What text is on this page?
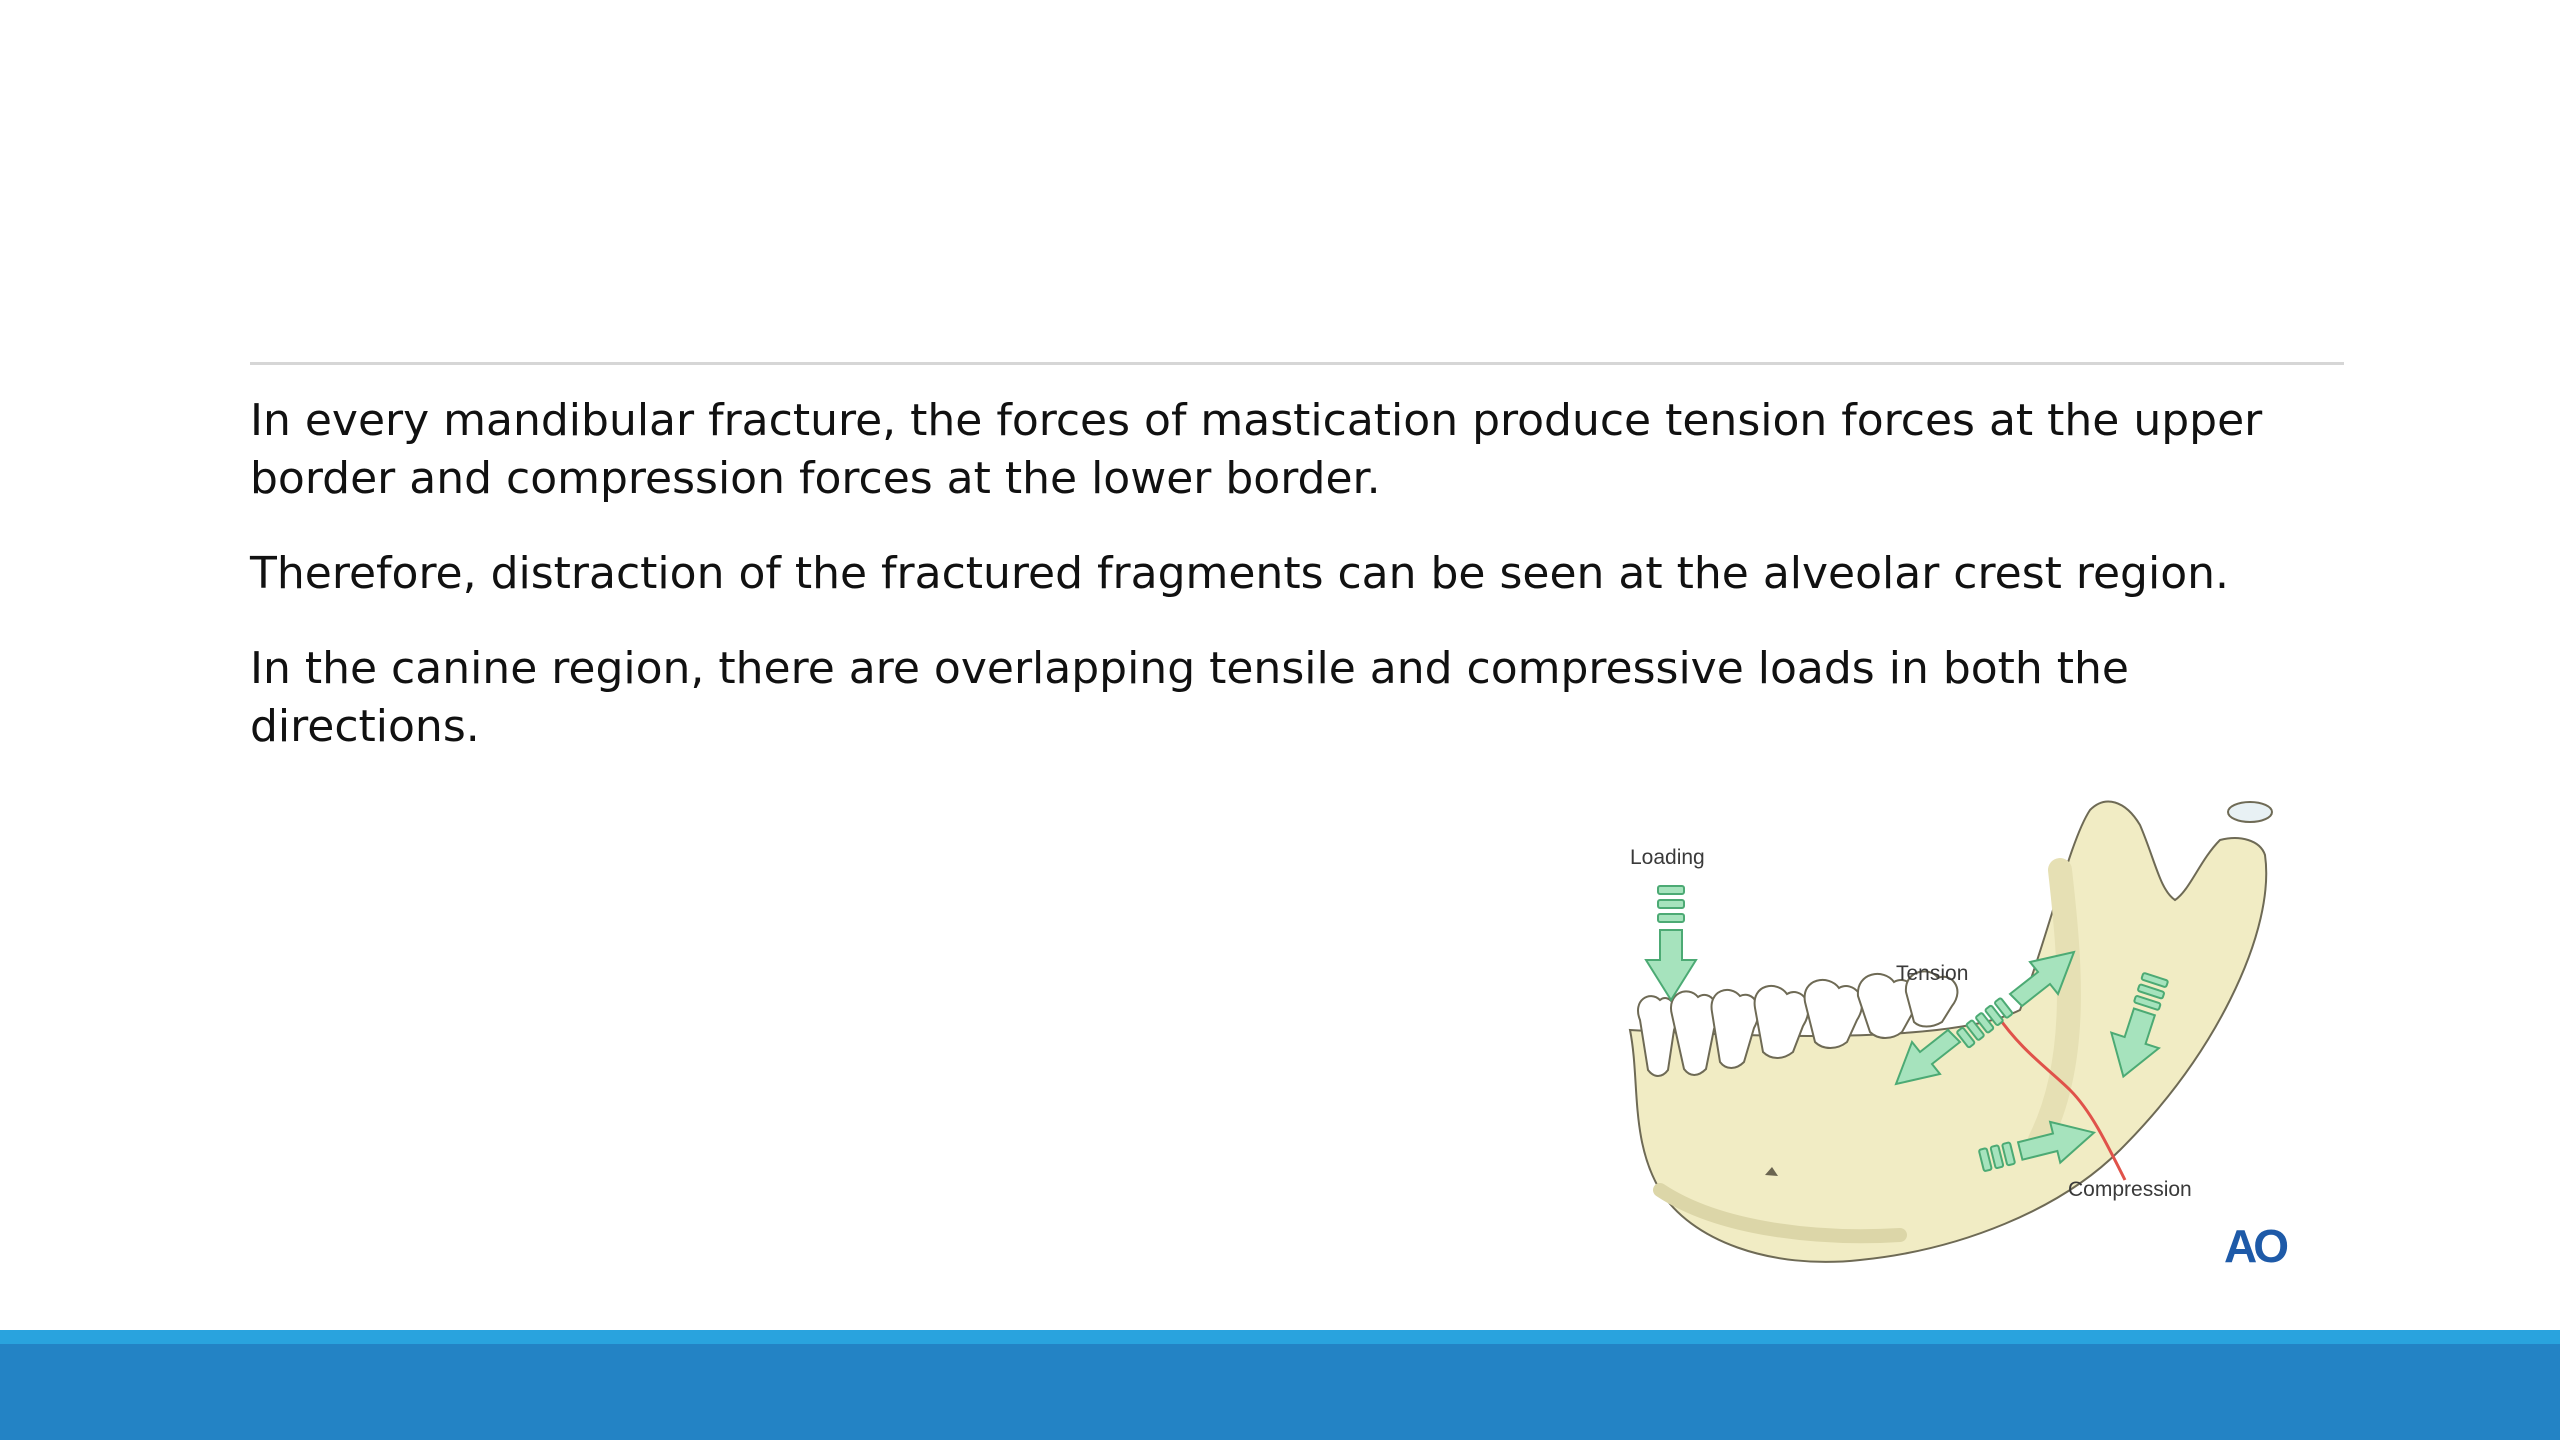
In every mandibular fracture, the forces of mastication produce tension forces at the upper border and compression forces at the lower border.

Therefore, distraction of the fractured fragments can be seen at the alveolar crest region.

In the canine region, there are overlapping tensile and compressive loads in both the directions.

Loading
Tension
Compression
AO
